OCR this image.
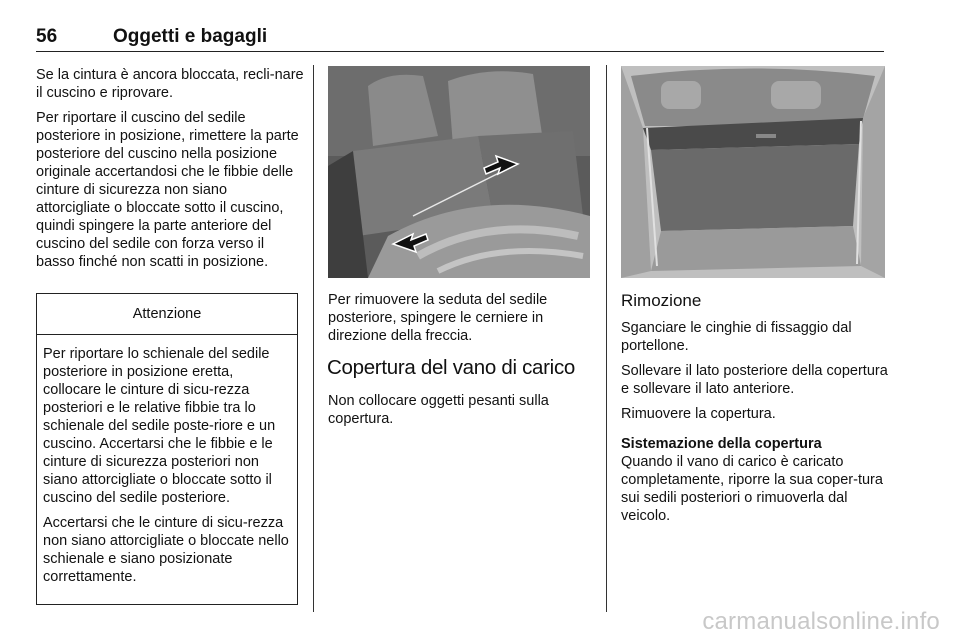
56	Oggetti e bagagli

Se la cintura è ancora bloccata, recli-nare il cuscino e riprovare.

Per riportare il cuscino del sedile posteriore in posizione, rimettere la parte posteriore del cuscino nella posizione originale accertandosi che le fibbie delle cinture di sicurezza non siano attorcigliate o bloccate sotto il cuscino, quindi spingere la parte anteriore del cuscino del sedile con forza verso il basso finché non scatti in posizione.

Attenzione

Per riportare lo schienale del sedile posteriore in posizione eretta, collocare le cinture di sicu-rezza posteriori e le relative fibbie tra lo schienale del sedile poste-riore e un cuscino. Accertarsi che le fibbie e le cinture di sicurezza posteriori non siano attorcigliate o bloccate sotto il cuscino del sedile posteriore.

Accertarsi che le cinture di sicu-rezza non siano attorcigliate o bloccate nello schienale e siano posizionate correttamente.

Per rimuovere la seduta del sedile posteriore, spingere le cerniere in direzione della freccia.

Copertura del vano di carico

Non collocare oggetti pesanti sulla copertura.

Rimozione

Sganciare le cinghie di fissaggio dal portellone.

Sollevare il lato posteriore della copertura e sollevare il lato anteriore.

Rimuovere la copertura.

Sistemazione della copertura

Quando il vano di carico è caricato completamente, riporre la sua coper-tura sui sedili posteriori o rimuoverla dal veicolo.

carmanualsonline.info
